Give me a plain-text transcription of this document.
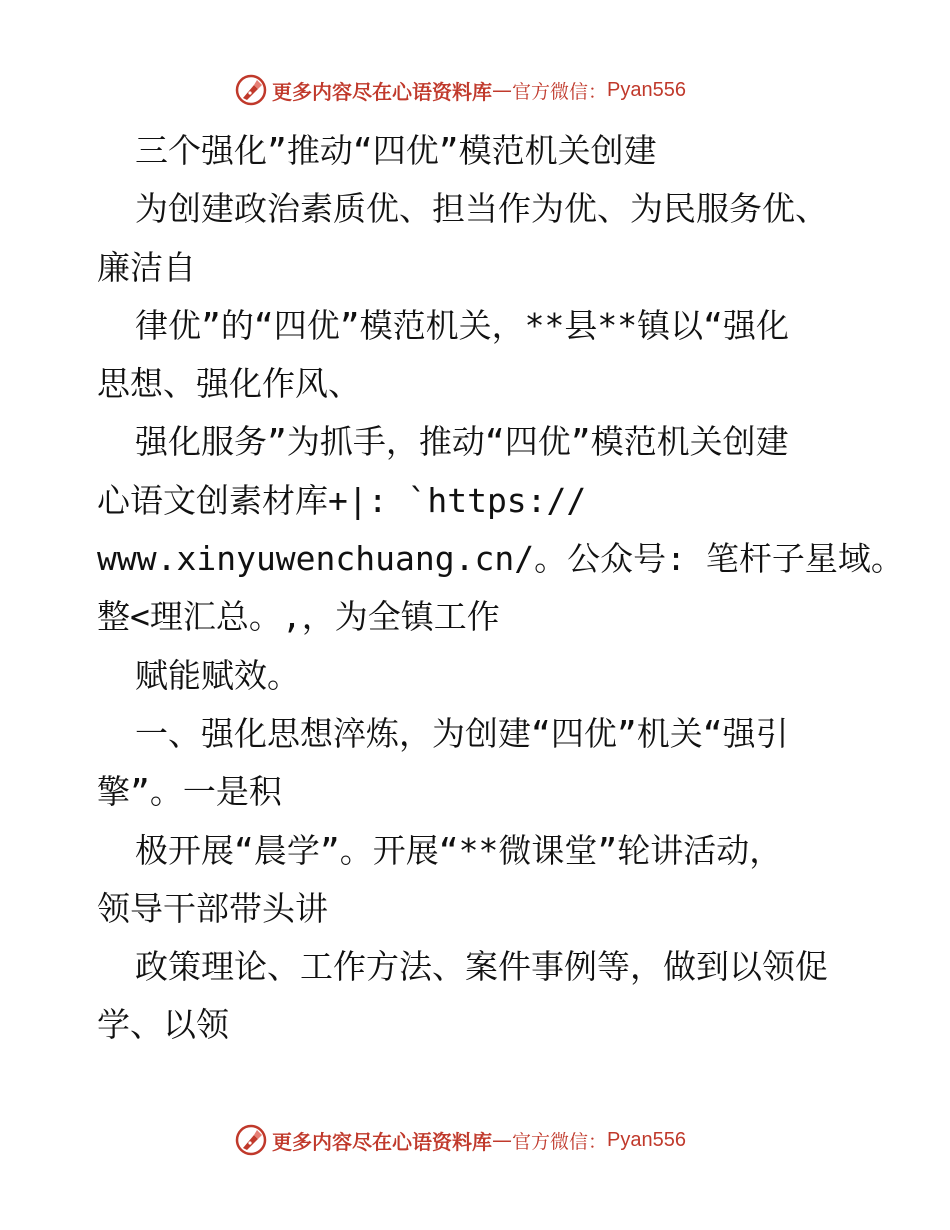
更多内容尽在心语资料库 — 官方微信： Pyan556
三个强化”推动“四优”模范机关创建
为创建政治素质优、担当作为优、为民服务优、
廉洁自
律优”的“四优”模范机关，**县**镇以“强化
思想、强化作风、
强化服务”为抓手，推动“四优”模范机关创建
心语文创素材库+|: `https://
www.xinyuwenchuang.cn/。公众号: 笔杆子星域。
整<理汇总。,，为全镇工作
赋能赋效。
一、强化思想淬炼，为创建“四优”机关“强引
擎”。一是积
极开展“晨学”。开展“**微课堂”轮讲活动，
领导干部带头讲
政策理论、工作方法、案件事例等，做到以领促
学、以领
更多内容尽在心语资料库 — 官方微信： Pyan556
